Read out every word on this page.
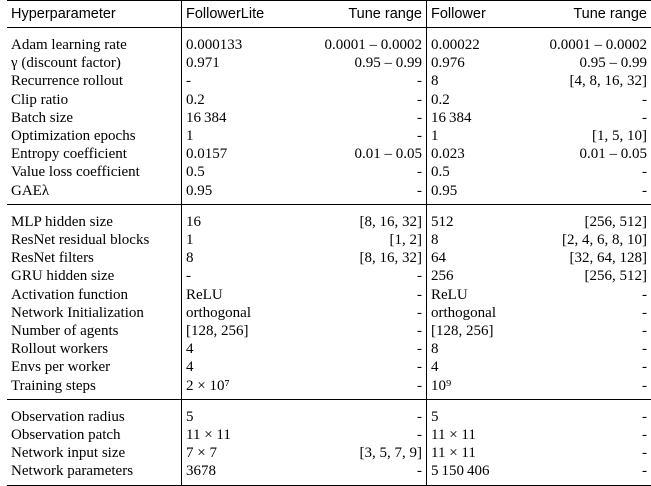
Hyperparameter	FollowerLite	Tune range	Follower	Tune range

Adam learning rate	0.000133	0.0001 – 0.0002	0.00022	0.0001 – 0.0002
γ (discount factor)	0.971	0.95 – 0.99	0.976	0.95 – 0.99
Recurrence rollout	-	-	8	[4, 8, 16, 32]
Clip ratio	0.2	-	0.2	-
Batch size	16 384	-	16 384	-
Optimization epochs	1	-	1	[1, 5, 10]
Entropy coefficient	0.0157	0.01 – 0.05	0.023	0.01 – 0.05
Value loss coefficient	0.5	-	0.5	-
GAEλ	0.95	-	0.95	-

MLP hidden size	16	[8, 16, 32]	512	[256, 512]
ResNet residual blocks	1	[1, 2]	8	[2, 4, 6, 8, 10]
ResNet filters	8	[8, 16, 32]	64	[32, 64, 128]
GRU hidden size	-	-	256	[256, 512]
Activation function	ReLU	-	ReLU	-
Network Initialization	orthogonal	-	orthogonal	-
Number of agents	[128, 256]	-	[128, 256]	-
Rollout workers	4	-	8	-
Envs per worker	4	-	4	-
Training steps	2 × 10⁷	-	10⁹	-

Observation radius	5	-	5	-
Observation patch	11 × 11	-	11 × 11	-
Network input size	7 × 7	[3, 5, 7, 9]	11 × 11	-
Network parameters	3678	-	5 150 406	-
